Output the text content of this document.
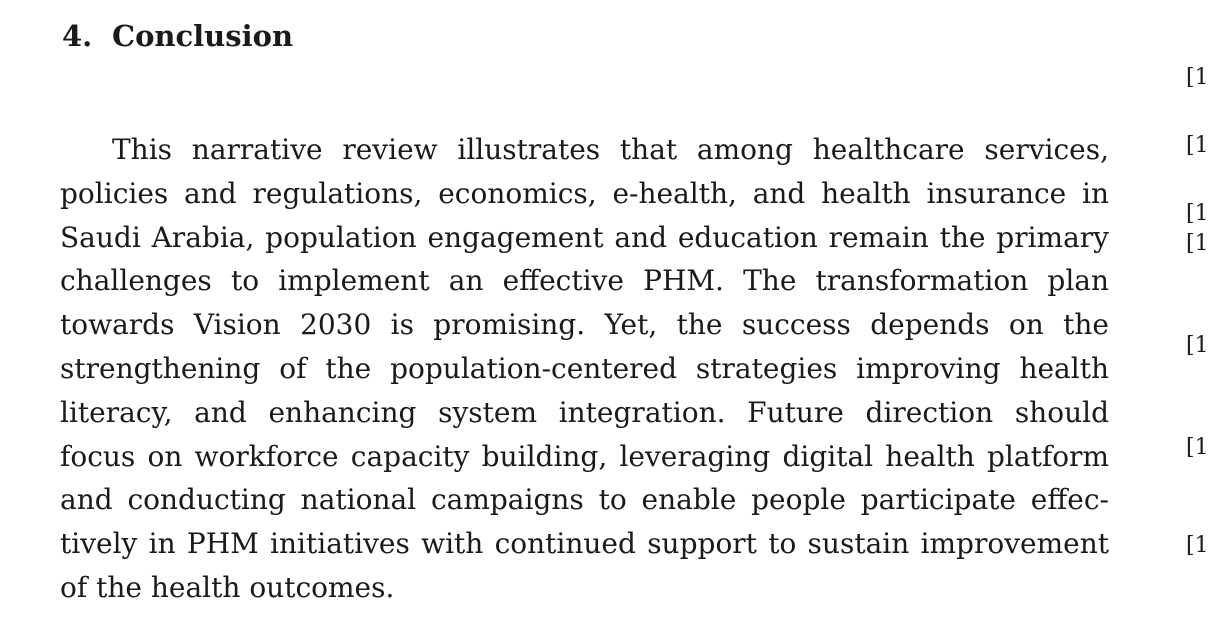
4. Conclusion
This narrative review illustrates that among healthcare services,
policies and regulations, economics, e-health, and health insurance in
Saudi Arabia, population engagement and education remain the primary
challenges to implement an effective PHM. The transformation plan
towards Vision 2030 is promising. Yet, the success depends on the
strengthening of the population-centered strategies improving health
literacy, and enhancing system integration. Future direction should
focus on workforce capacity building, leveraging digital health platform
and conducting national campaigns to enable people participate effec-
tively in PHM initiatives with continued support to sustain improvement
of the health outcomes.
[1
[1
[1
[1
[1
[1
[1
